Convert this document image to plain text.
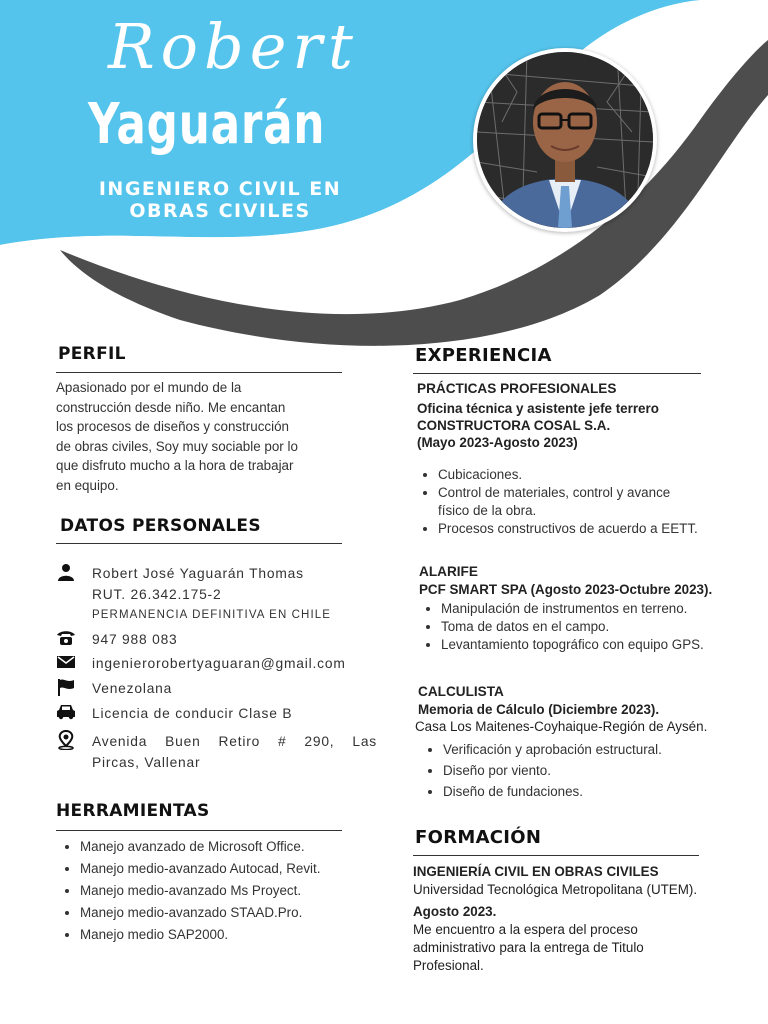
Robert
Yaguarán
INGENIERO CIVIL EN
OBRAS CIVILES
PERFIL
Apasionado por el mundo de la
construcción desde niño. Me encantan
los procesos de diseños y construcción
de obras civiles, Soy muy sociable por lo
que disfruto mucho a la hora de trabajar
en equipo.
DATOS PERSONALES
Robert José Yaguarán Thomas
RUT. 26.342.175-2
PERMANENCIA DEFINITIVA EN CHILE
947 988 083
ingenierorobertyaguaran@gmail.com
Venezolana
Licencia de conducir Clase B
Avenida Buen Retiro # 290, Las
Pircas, Vallenar
HERRAMIENTAS
• Manejo avanzado de Microsoft Office.
• Manejo medio-avanzado Autocad, Revit.
• Manejo medio-avanzado Ms Proyect.
• Manejo medio-avanzado STAAD.Pro.
• Manejo medio SAP2000.
EXPERIENCIA
PRÁCTICAS PROFESIONALES
Oficina técnica y asistente jefe terrero
CONSTRUCTORA COSAL S.A.
(Mayo 2023-Agosto 2023)
• Cubicaciones.
• Control de materiales, control y avance
físico de la obra.
• Procesos constructivos de acuerdo a EETT.
ALARIFE
PCF SMART SPA (Agosto 2023-Octubre 2023).
• Manipulación de instrumentos en terreno.
• Toma de datos en el campo.
• Levantamiento topográfico con equipo GPS.
CALCULISTA
Memoria de Cálculo (Diciembre 2023).
Casa Los Maitenes-Coyhaique-Región de Aysén.
• Verificación y aprobación estructural.
• Diseño por viento.
• Diseño de fundaciones.
FORMACIÓN
INGENIERÍA CIVIL EN OBRAS CIVILES
Universidad Tecnológica Metropolitana (UTEM).
Agosto 2023.
Me encuentro a la espera del proceso
administrativo para la entrega de Titulo
Profesional.
